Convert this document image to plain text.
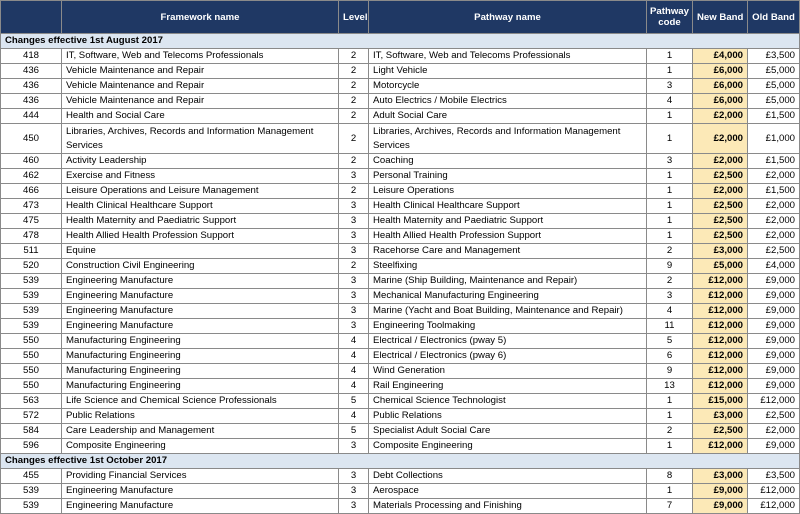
	Framework name	Level	Pathway name	Pathway code	New Band	Old Band
Changes effective 1st August 2017						
418	IT, Software, Web and Telecoms Professionals	2	IT, Software, Web and Telecoms Professionals	1	£4,000	£3,500
436	Vehicle Maintenance and Repair	2	Light Vehicle	1	£6,000	£5,000
436	Vehicle Maintenance and Repair	2	Motorcycle	3	£6,000	£5,000
436	Vehicle Maintenance and Repair	2	Auto Electrics / Mobile Electrics	4	£6,000	£5,000
444	Health and Social Care	2	Adult Social Care	1	£2,000	£1,500
450	Libraries, Archives, Records and Information Management Services	2	Libraries, Archives, Records and Information Management Services	1	£2,000	£1,000
460	Activity Leadership	2	Coaching	3	£2,000	£1,500
462	Exercise and Fitness	3	Personal Training	1	£2,500	£2,000
466	Leisure Operations and Leisure Management	2	Leisure Operations	1	£2,000	£1,500
473	Health Clinical Healthcare Support	3	Health Clinical Healthcare Support	1	£2,500	£2,000
475	Health Maternity and Paediatric Support	3	Health Maternity and Paediatric Support	1	£2,500	£2,000
478	Health Allied Health Profession Support	3	Health Allied Health Profession Support	1	£2,500	£2,000
511	Equine	3	Racehorse Care and Management	2	£3,000	£2,500
520	Construction Civil Engineering	2	Steelfixing	9	£5,000	£4,000
539	Engineering Manufacture	3	Marine (Ship Building, Maintenance and Repair)	2	£12,000	£9,000
539	Engineering Manufacture	3	Mechanical Manufacturing Engineering	3	£12,000	£9,000
539	Engineering Manufacture	3	Marine (Yacht and Boat Building, Maintenance and Repair)	4	£12,000	£9,000
539	Engineering Manufacture	3	Engineering Toolmaking	11	£12,000	£9,000
550	Manufacturing Engineering	4	Electrical / Electronics (pway 5)	5	£12,000	£9,000
550	Manufacturing Engineering	4	Electrical / Electronics (pway 6)	6	£12,000	£9,000
550	Manufacturing Engineering	4	Wind Generation	9	£12,000	£9,000
550	Manufacturing Engineering	4	Rail Engineering	13	£12,000	£9,000
563	Life Science and Chemical Science Professionals	5	Chemical Science Technologist	1	£15,000	£12,000
572	Public Relations	4	Public Relations	1	£3,000	£2,500
584	Care Leadership and Management	5	Specialist Adult Social Care	2	£2,500	£2,000
596	Composite Engineering	3	Composite Engineering	1	£12,000	£9,000
Changes effective 1st October 2017						
455	Providing Financial Services	3	Debt Collections	8	£3,000	£3,500
539	Engineering Manufacture	3	Aerospace	1	£9,000	£12,000
539	Engineering Manufacture	3	Materials Processing and Finishing	7	£9,000	£12,000
